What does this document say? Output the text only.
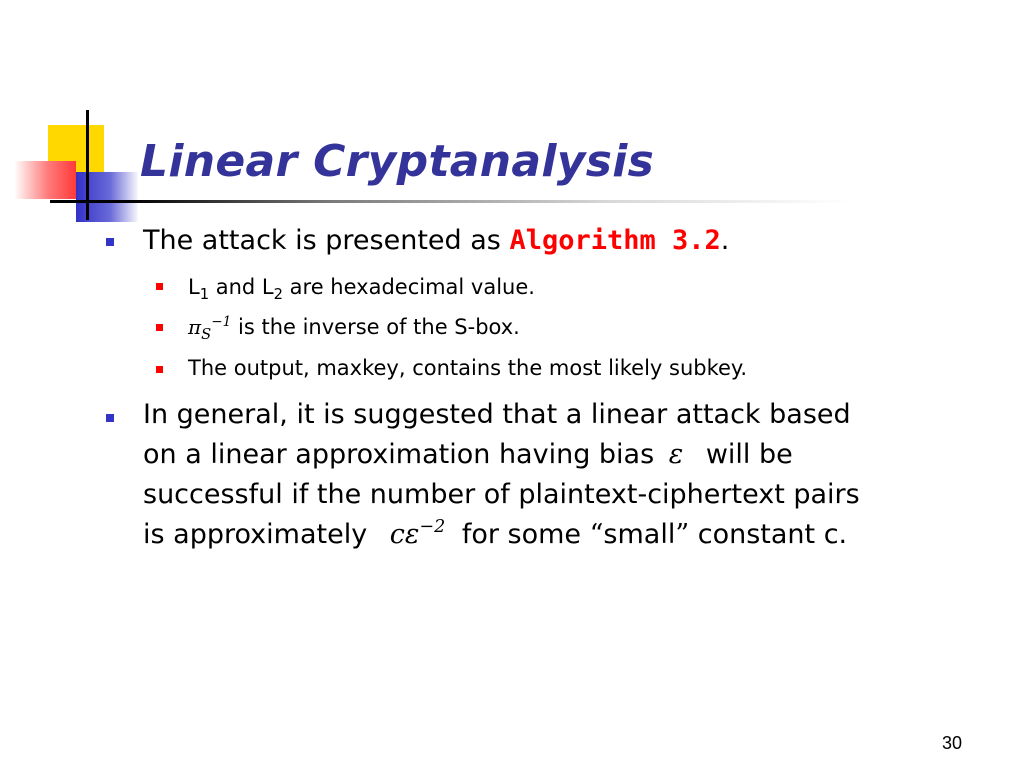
Linear Cryptanalysis
The attack is presented as Algorithm 3.2.
$L_1$ and $L_2$ are hexadecimal value.
$\pi_S^{-1}$ is the inverse of the S-box.
The output, maxkey, contains the most likely subkey.
In general, it is suggested that a linear attack based
on a linear approximation having bias ε will be
successful if the number of plaintext-ciphertext pairs
is approximately $c\varepsilon^{-2}$ for some “small” constant c.
30
